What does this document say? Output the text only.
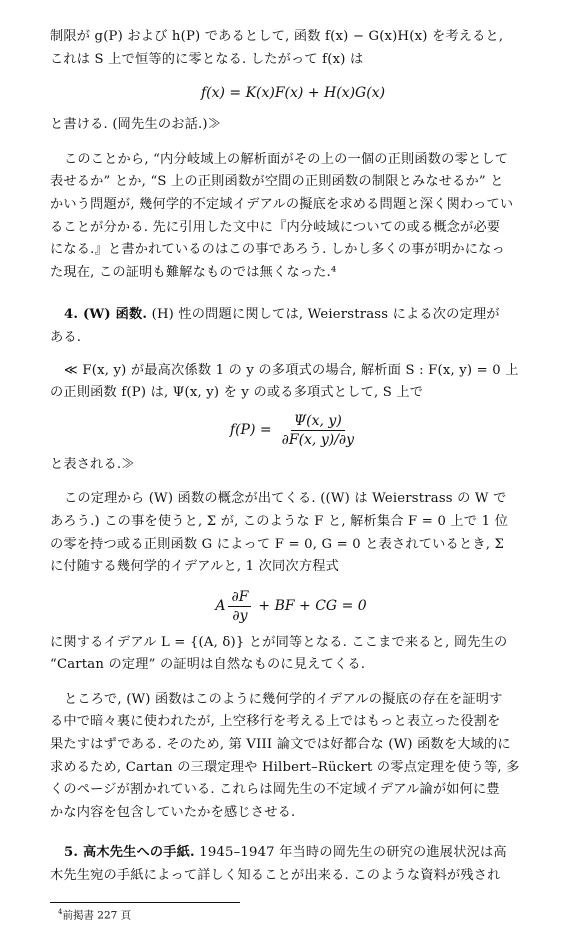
制限が g(P) および h(P) であるとして, 函数 f(x) − G(x)H(x) を考えると,
これは S 上で恒等的に零となる. したがって f(x) は

f(x) = K(x)F(x) + H(x)G(x)

と書ける. (岡先生のお話.)≫

このことから, “内分岐域上の解析面がその上の一個の正則函数の零として
表せるか” とか, “S 上の正則函数が空間の正則函数の制限とみなせるか” と
かいう問題が, 幾何学的不定域イデアルの擬底を求める問題と深く関わってい
ることが分かる. 先に引用した文中に『内分岐域についての或る概念が必要
になる.』と書かれているのはこの事であろう. しかし多くの事が明かになっ
た現在, この証明も難解なものでは無くなった.⁴

4. (W) 函数. (H) 性の問題に関しては, Weierstrass による次の定理が
ある.

≪ F(x, y) が最高次係数 1 の y の多項式の場合, 解析面 S : F(x, y) = 0 上
の正則函数 f(P) は, Ψ(x, y) を y の或る多項式として, S 上で

$f(P) = \frac{\Psi(x, y)}{\partial F(x, y)/\partial y}$

と表される.≫

この定理から (W) 函数の概念が出てくる. ((W) は Weierstrass の W で
あろう.) この事を使うと, Σ が, このような F と, 解析集合 F = 0 上で 1 位
の零を持つ或る正則函数 G によって F = 0, G = 0 と表されているとき, Σ
に付随する幾何学的イデアルと, 1 次同次方程式

A $\frac{\partial F}{\partial y}$ + BF + CG = 0

に関するイデアル L = {(A, δ)} とが同等となる. ここまで来ると, 岡先生の
“Cartan の定理” の証明は自然なものに見えてくる.

ところで, (W) 函数はこのように幾何学的イデアルの擬底の存在を証明す
る中で暗々裏に使われたが, 上空移行を考える上ではもっと表立った役割を
果たすはずである. そのため, 第 VIII 論文では好都合な (W) 函数を大域的に
求めるため, Cartan の三環定理や Hilbert–Rückert の零点定理を使う等, 多
くのページが割かれている. これらは岡先生の不定域イデアル論が如何に豊
かな内容を包含していたかを感じさせる.

5. 高木先生への手紙. 1945–1947 年当時の岡先生の研究の進展状況は高
木先生宛の手紙によって詳しく知ることが出来る. このような資料が残され

$^4$前掲書 227 頁
